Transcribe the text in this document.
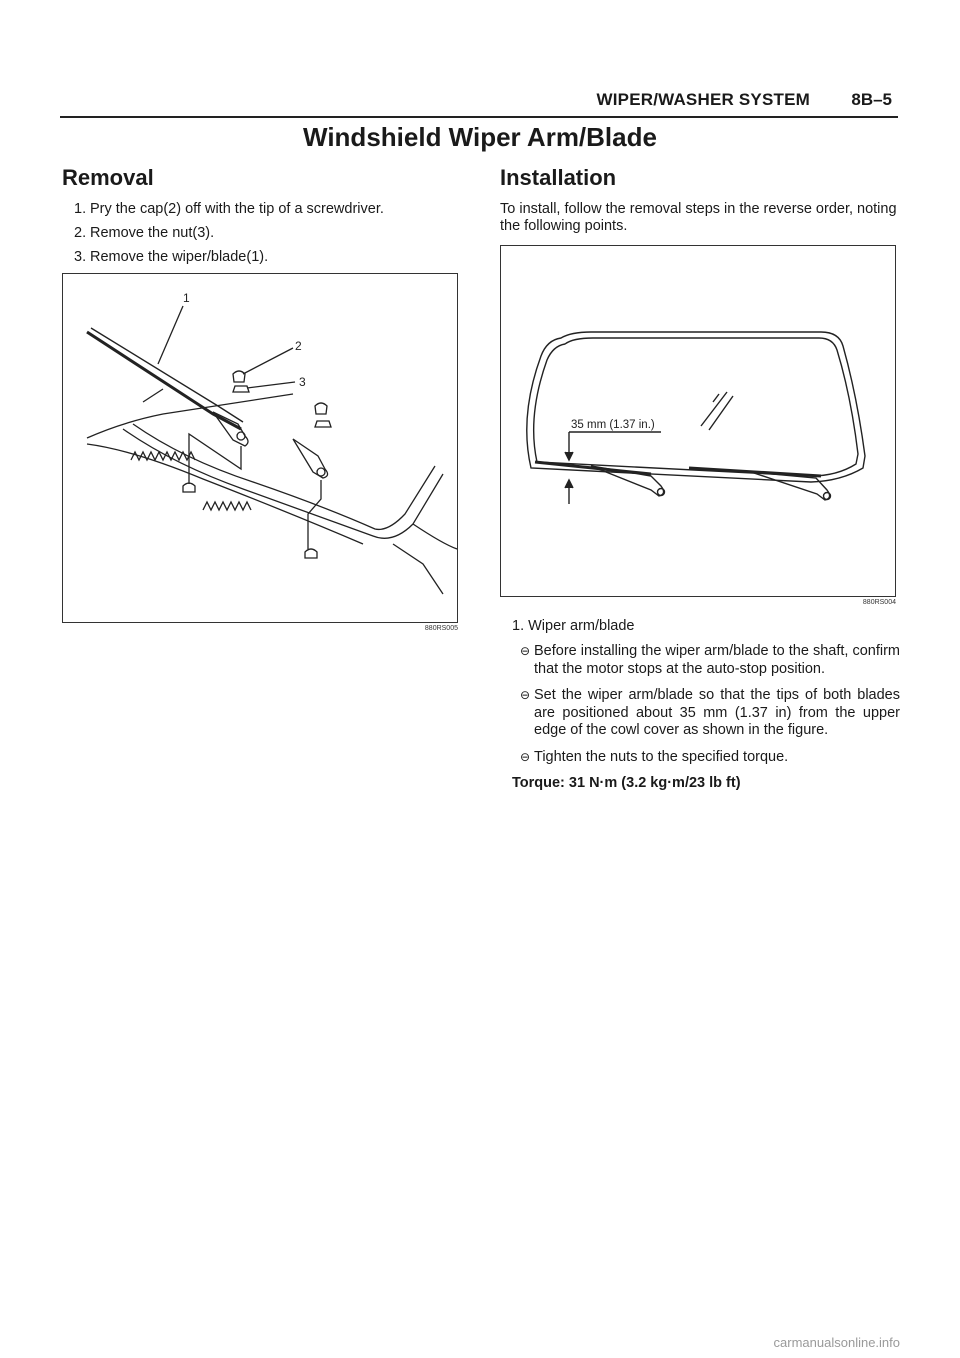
WIPER/WASHER SYSTEM 8B–5
Windshield Wiper Arm/Blade
Removal
1. Pry the cap(2) off with the tip of a screwdriver.
2. Remove the nut(3).
3. Remove the wiper/blade(1).
1
2
3
880RS005
Installation

To install, follow the removal steps in the reverse order, noting the following points.

35 mm (1.37 in.)
880RS004
1. Wiper arm/blade
⊖ Before installing the wiper arm/blade to the shaft, confirm that the motor stops at the auto-stop position.
⊖ Set the wiper arm/blade so that the tips of both blades are positioned about 35 mm (1.37 in) from the upper edge of the cowl cover as shown in the figure.
⊖ Tighten the nuts to the specified torque.
Torque: 31 N·m (3.2 kg·m/23 lb ft)
carmanualsonline.info
